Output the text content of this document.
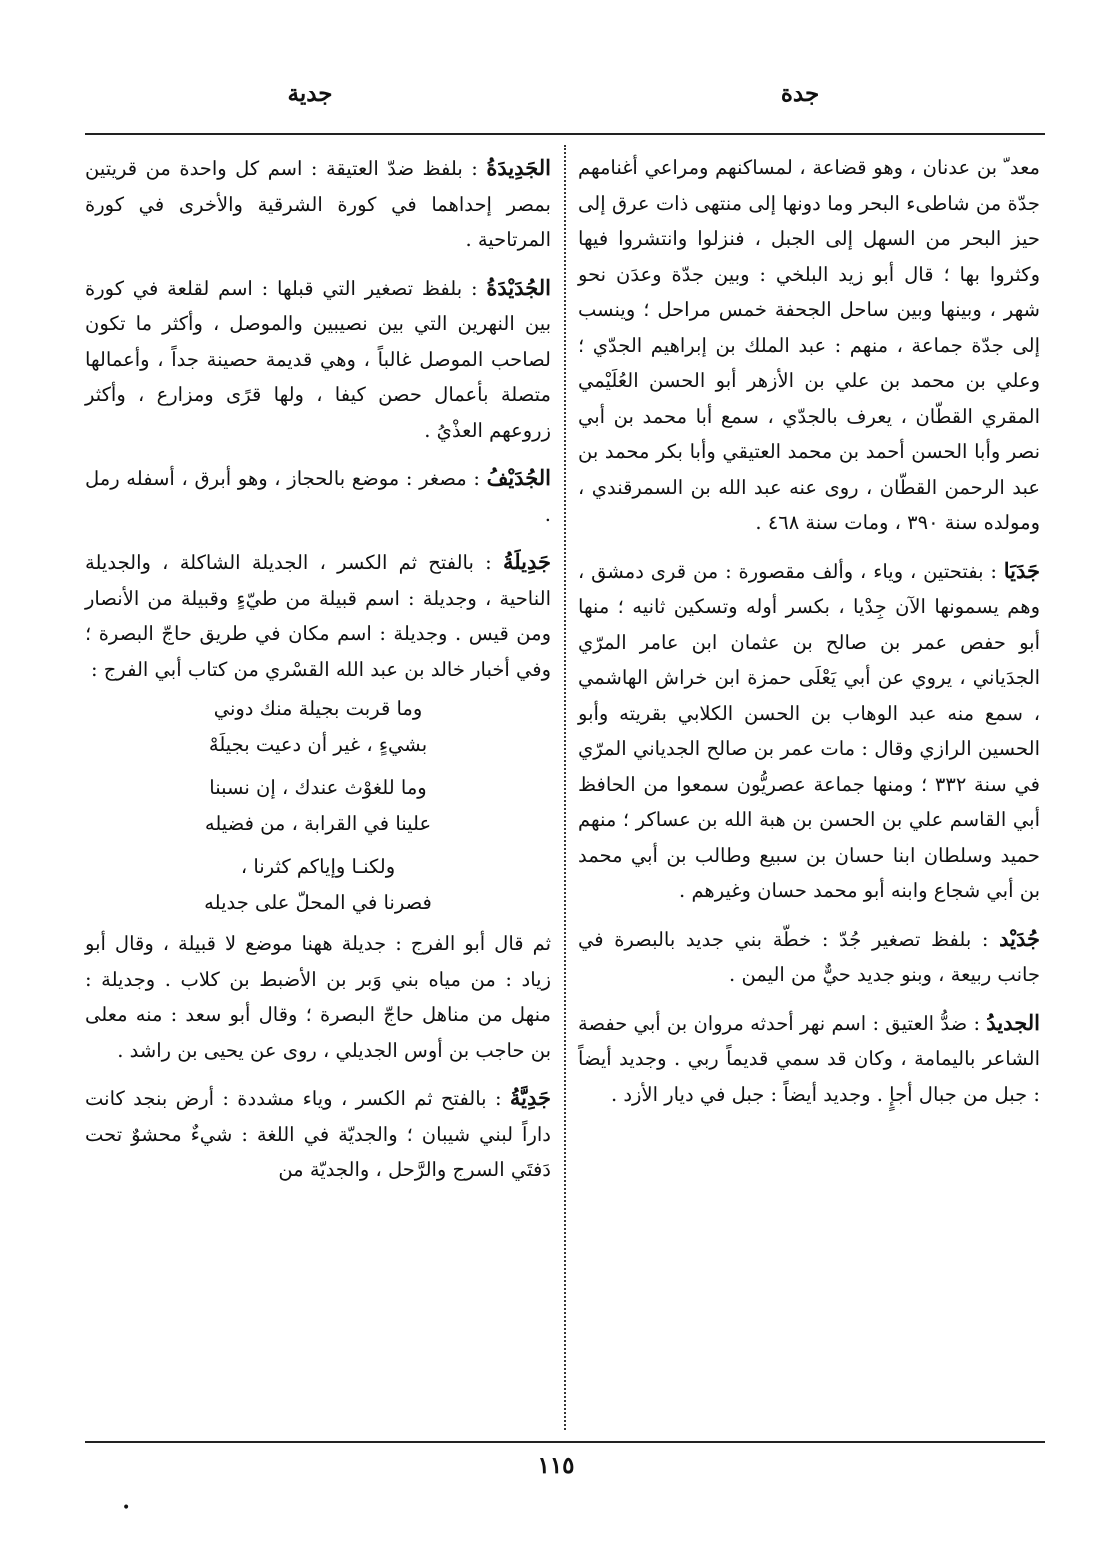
جدة
جدية

معد ّ بن عدنان ، وهو قضاعة ، لمساكنهم ومراعي أغنامهم جدّة من شاطىء البحر وما دونها إلى منتهى ذات عرق إلى حيز البحر من السهل إلى الجبل ، فنزلوا وانتشروا فيها وكثروا بها ؛ قال أبو زيد البلخي : وبين جدّة وعدَن نحو شهر ، وبينها وبين ساحل الجحفة خمس مراحل ؛ وينسب إلى جدّة جماعة ، منهم : عبد الملك بن إبراهيم الجدّي ؛ وعلي بن محمد بن علي بن الأزهر أبو الحسن العُلَيْمي المقري القطّان ، يعرف بالجدّي ، سمع أبا محمد بن أبي نصر وأبا الحسن أحمد بن محمد العتيقي وأبا بكر محمد بن عبد الرحمن القطّان ، روى عنه عبد الله بن السمرقندي ، ومولده سنة ٣٩٠ ، ومات سنة ٤٦٨ .

جَدَيَا : بفتحتين ، وياء ، وألف مقصورة : من قرى دمشق ، وهم يسمونها الآن جِدْيا ، بكسر أوله وتسكين ثانيه ؛ منها أبو حفص عمر بن صالح بن عثمان ابن عامر المرّي الجدَياني ، يروي عن أبي يَعْلَى حمزة ابن خراش الهاشمي ، سمع منه عبد الوهاب بن الحسن الكلابي بقريته وأبو الحسين الرازي وقال : مات عمر بن صالح الجدياني المرّي في سنة ٣٣٢ ؛ ومنها جماعة عصريُّون سمعوا من الحافظ أبي القاسم علي بن الحسن بن هبة الله بن عساكر ؛ منهم حميد وسلطان ابنا حسان بن سبيع وطالب بن أبي محمد بن أبي شجاع وابنه أبو محمد حسان وغيرهم .

جُدَيْد : بلفظ تصغير جُدّ : خطّة بني جديد بالبصرة في جانب ربيعة ، وبنو جديد حيٌّ من اليمن .

الجديدُ : ضدُّ العتيق : اسم نهر أحدثه مروان بن أبي حفصة الشاعر باليمامة ، وكان قد سمي قديماً ربي . وجديد أيضاً : جبل من جبال أجإٍ . وجديد أيضاً : جبل في ديار الأزد .

الجَدِيدَةُ : بلفظ ضدّ العتيقة : اسم كل واحدة من قريتين بمصر إحداهما في كورة الشرقية والأخرى في كورة المرتاحية .

الجُدَيْدَةُ : بلفظ تصغير التي قبلها : اسم لقلعة في كورة بين النهرين التي بين نصيبين والموصل ، وأكثر ما تكون لصاحب الموصل غالباً ، وهي قديمة حصينة جداً ، وأعمالها متصلة بأعمال حصن كيفا ، ولها قرًى ومزارع ، وأكثر زروعهم العذْيُ .

الجُدَيْفُ : مصغر : موضع بالحجاز ، وهو أبرق ، أسفله رمل .

جَدِيلَةُ : بالفتح ثم الكسر ، الجديلة الشاكلة ، والجديلة الناحية ، وجديلة : اسم قبيلة من طيّءٍ وقبيلة من الأنصار ومن قيس . وجديلة : اسم مكان في طريق حاجّ البصرة ؛ وفي أخبار خالد بن عبد الله القسْري من كتاب أبي الفرج :

وما قربت بجيلة منك دوني

بشيءٍ ، غير أن دعيت بجيلَهْ

وما للغوْث عندك ، إن نسبنا

علينا في القرابة ، من فضيله

ولكنـا وإياكم كثرنا ،

فصرنا في المحلّ على جديله

ثم قال أبو الفرج : جديلة ههنا موضع لا قبيلة ، وقال أبو زياد : من مياه بني وَبر بن الأضبط بن كلاب . وجديلة : منهل من مناهل حاجّ البصرة ؛ وقال أبو سعد : منه معلى بن حاجب بن أوس الجديلي ، روى عن يحيى بن راشد .

جَدِيَّةُ : بالفتح ثم الكسر ، وياء مشددة : أرض بنجد كانت داراً لبني شيبان ؛ والجديّة في اللغة : شيءٌ محشوٌ تحت دَفتَي السرج والرَّحل ، والجديّة من

١١٥
•
